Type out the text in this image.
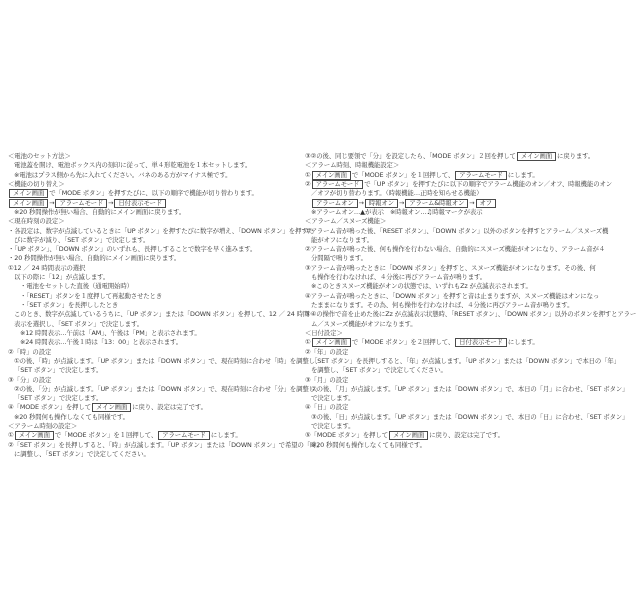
＜電池のセット方法＞
電池蓋を開け、電池ボックス内の刻印に従って、単４形乾電池を１本セットします。
※電池はプラス側から先に入れてください。バネのある方がマイナス極です。
＜機能の切り替え＞
メイン画面 で「MODE ボタン」を押すたびに、以下の順序で機能が切り替わります。
メイン画面 → アラームモード → 日付表示モード
※20 秒間操作が無い場合、自動的にメイン画面に戻ります。
＜現在時刻の設定＞
・各設定は、数字が点滅しているときに「UP ボタン」を押すたびに数字が増え、「DOWN ボタン」を押すた
びに数字が減り、「SET ボタン」で決定します。
・「UP ボタン」、「DOWN ボタン」のいずれも、長押しすることで数字を早く進みます。
・20 秒間操作が無い場合、自動的にメイン画面に戻ります。
①12 ／ 24 時間表示の選択
以下の際に「12」が点滅します。
・電池をセットした直後（通電開始時）
・「RESET」ボタンを１度押して再起動させたとき
・「SET ボタン」を長押ししたとき
このとき、数字が点滅しているうちに、「UP ボタン」または「DOWN ボタン」を押して、12 ／ 24 時間
表示を選択し、「SET ボタン」で決定します。
※12 時間表示…午前は「AM」、午後は「PM」と表示されます。
※24 時間表示…午後１時は「13：00」と表示されます。
②「時」の設定
①の後、「時」が点滅します。「UP ボタン」または「DOWN ボタン」で、現在時刻に合わせ「時」を調整し、
「SET ボタン」で決定します。
③「分」の設定
②の後、「分」が点滅します。「UP ボタン」または「DOWN ボタン」で、現在時刻に合わせ「分」を調整し、
「SET ボタン」で決定します。
④「MODE ボタン」を押して メイン画面 に戻り、設定は完了です。
※20 秒間何も操作しなくても同様です。
＜アラーム時刻の設定＞
① メイン画面 で「MODE ボタン」を１回押して、 アラームモード にします。
②「SET ボタン」を長押しすると、「時」が点滅します。「UP ボタン」または「DOWN ボタン」で希望の「時」
に調整し、「SET ボタン」で決定してください。
③②の後、同じ要領で「分」を設定したら、「MODE ボタン」２回を押して メイン画面 に戻ります。
＜アラーム時刻、時報機能設定＞
① メイン画面 で「MODE ボタン」を１回押して、 アラームモード にします。
② アラームモード で「UP ボタン」を押すたびに以下の順序でアラーム機能のオン／オフ、時報機能のオン
／オフが切り替わります。（時報機能…正時を知らせる機能）
アラームオン → 時報オン → アラーム&時報オン → オフ
※アラームオン…▲が表示　※時報オン…♫時報マークが表示
＜アラーム／スヌーズ機能＞
①アラーム音が鳴った後、「RESET ボタン」、「DOWN ボタン」以外のボタンを押すとアラーム／スヌーズ機
能がオフになります。
②アラーム音が鳴った後、何も操作を行わない場合、自動的にスヌーズ機能がオンになり、アラーム音が４
分間隔で鳴ります。
③アラーム音が鳴ったときに「DOWN ボタン」を押すと、スヌーズ機能がオンになります。その後、何
も操作を行わなければ、４分後に再びアラーム音が鳴ります。
※このときスヌーズ機能がオンの状態では、いずれもZz が点滅表示されます。
④アラーム音が鳴ったときに、「DOWN ボタン」を押すと音は止まりますが、スヌーズ機能はオンになっ
たままになります。その為、何も操作を行わなければ、４分後に再びアラーム音が鳴ります。
⑤④の操作で音を止めた後にZz が点滅表示状態時、「RESET ボタン」、「DOWN ボタン」以外のボタンを押すとアラー
ム／スヌーズ機能がオフになります。
＜日付設定＞
① メイン画面 で「MODE ボタン」を２回押して、 日付表示モード にします。
②「年」の設定
「SET ボタン」を長押しすると、「年」が点滅します。「UP ボタン」または「DOWN ボタン」で本日の「年」
を調整し、「SET ボタン」で決定してください。
③「月」の設定
②の後、「月」が点滅します。「UP ボタン」または「DOWN ボタン」で、本日の「月」に合わせ、「SET ボタン」
で決定します。
④「日」の設定
③の後、「日」が点滅します。「UP ボタン」または「DOWN ボタン」で、本日の「日」に合わせ、「SET ボタン」
で決定します。
⑤「MODE ボタン」を押して メイン画面 に戻り、設定は完了です。
※20 秒間何も操作しなくても同様です。
